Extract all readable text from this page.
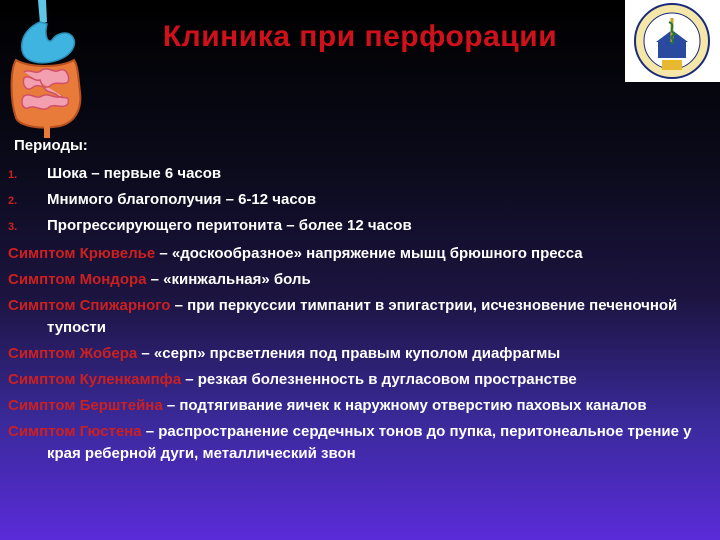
Клиника при перфорации
Периоды:
1. Шока – первые 6 часов
2. Мнимого благополучия – 6-12 часов
3. Прогрессирующего перитонита – более 12 часов

Симптом Крювелье – «доскообразное» напряжение мышц брюшного пресса

Симптом Мондора – «кинжальная» боль

Симптом Спижарного – при перкуссии тимпанит в эпигастрии, исчезновение печеночной тупости

Симптом Жобера – «серп» прсветления под правым куполом диафрагмы

Симптом Куленкампфа – резкая болезненность в дугласовом пространстве

Симптом Берштейна – подтягивание яичек к наружному отверстию паховых каналов

Симптом Гюстена – распространение сердечных тонов до пупка, перитонеальное трение у края реберной дуги, металлический звон
